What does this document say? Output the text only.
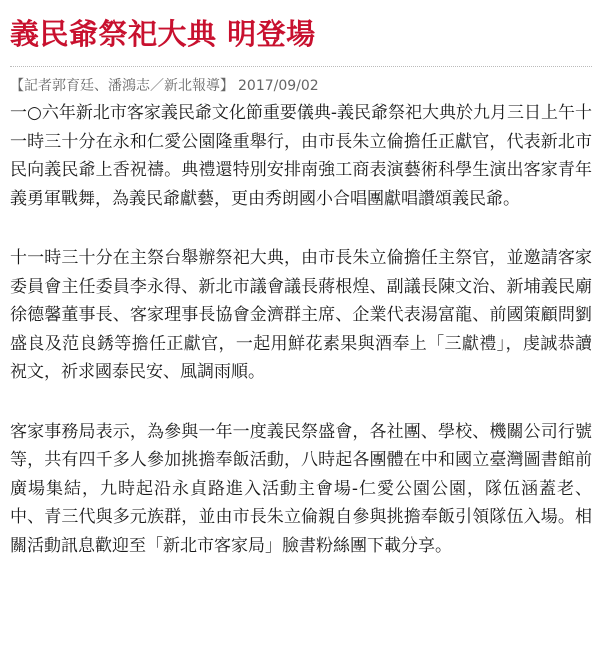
義民爺祭祀大典 明登場
【記者郭育廷、潘鴻志／新北報導】 2017/09/02

一○六年新北市客家義民爺文化節重要儀典-義民爺祭祀大典於九月三日上午十一時三十分在永和仁愛公園隆重舉行，由市長朱立倫擔任正獻官，代表新北市民向義民爺上香祝禱。典禮還特別安排南強工商表演藝術科學生演出客家青年義勇軍戰舞，為義民爺獻藝，更由秀朗國小合唱團獻唱讚頌義民爺。

十一時三十分在主祭台舉辦祭祀大典，由市長朱立倫擔任主祭官，並邀請客家委員會主任委員李永得、新北市議會議長蔣根煌、副議長陳文治、新埔義民廟徐德馨董事長、客家理事長協會金濟群主席、企業代表湯富龍、前國策顧問劉盛良及范良銹等擔任正獻官，一起用鮮花素果與酒奉上「三獻禮」，虔誠恭讀祝文，祈求國泰民安、風調雨順。

客家事務局表示，為參與一年一度義民祭盛會，各社團、學校、機關公司行號等，共有四千多人參加挑擔奉飯活動，八時起各團體在中和國立臺灣圖書館前廣場集結，九時起沿永貞路進入活動主會場-仁愛公園公園，隊伍涵蓋老、中、青三代與多元族群，並由市長朱立倫親自參與挑擔奉飯引領隊伍入場。相關活動訊息歡迎至「新北市客家局」臉書粉絲團下載分享。
